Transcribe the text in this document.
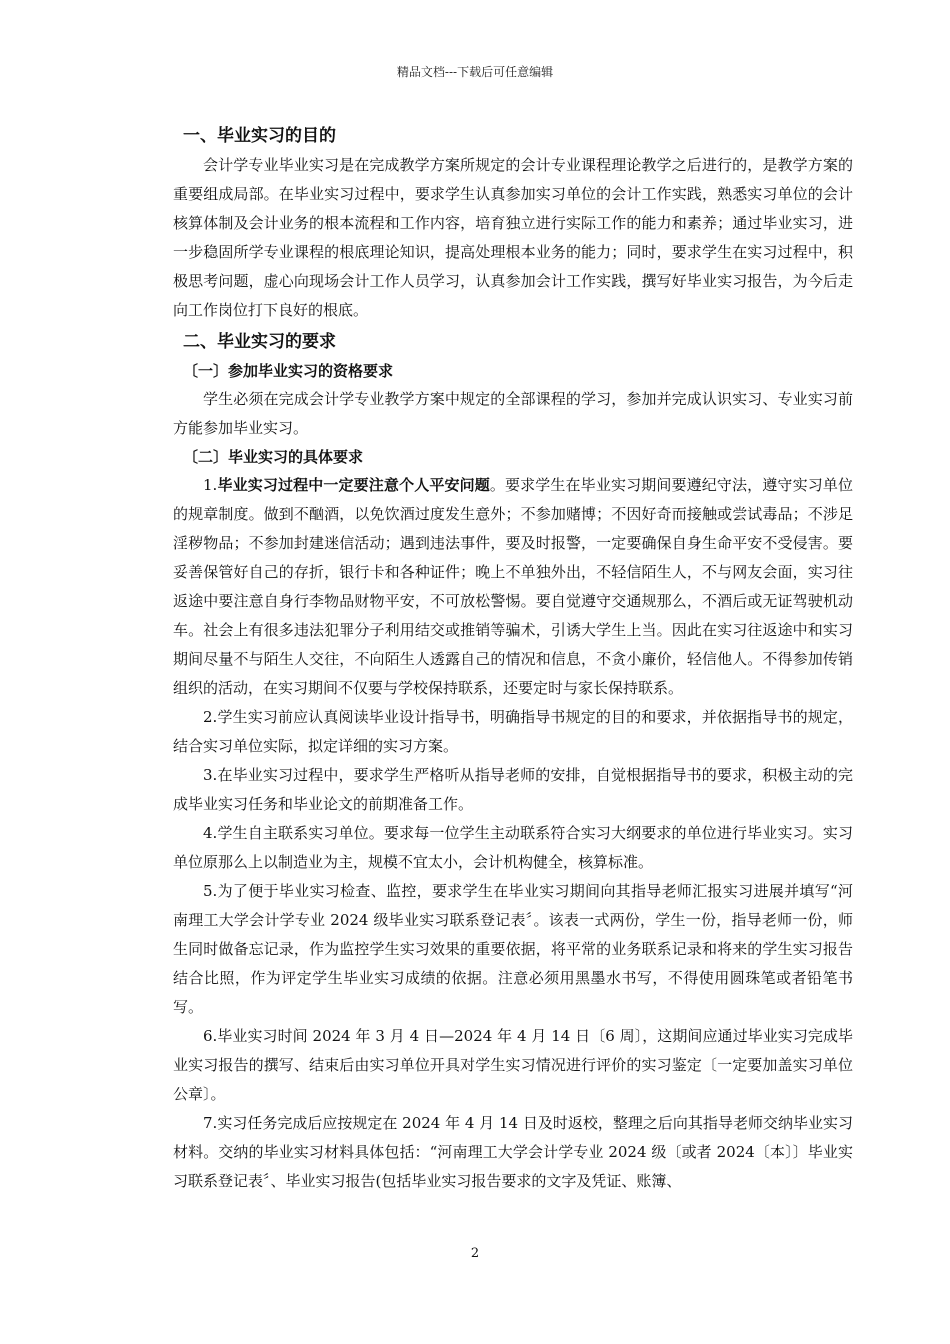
精品文档---下载后可任意编辑
一、毕业实习的目的

会计学专业毕业实习是在完成教学方案所规定的会计专业课程理论教学之后进行的，是教学方案的重要组成局部。在毕业实习过程中，要求学生认真参加实习单位的会计工作实践，熟悉实习单位的会计核算体制及会计业务的根本流程和工作内容，培育独立进行实际工作的能力和素养；通过毕业实习，进一步稳固所学专业课程的根底理论知识，提高处理根本业务的能力；同时，要求学生在实习过程中，积极思考问题，虚心向现场会计工作人员学习，认真参加会计工作实践，撰写好毕业实习报告，为今后走向工作岗位打下良好的根底。

二、毕业实习的要求
〔一〕参加毕业实习的资格要求

学生必须在完成会计学专业教学方案中规定的全部课程的学习，参加并完成认识实习、专业实习前方能参加毕业实习。

〔二〕毕业实习的具体要求

1.毕业实习过程中一定要注意个人平安问题。要求学生在毕业实习期间要遵纪守法，遵守实习单位的规章制度。做到不酗酒，以免饮酒过度发生意外；不参加赌博；不因好奇而接触或尝试毒品；不涉足淫秽物品；不参加封建迷信活动；遇到违法事件，要及时报警，一定要确保自身生命平安不受侵害。要妥善保管好自己的存折，银行卡和各种证件；晚上不单独外出，不轻信陌生人，不与网友会面，实习往返途中要注意自身行李物品财物平安，不可放松警惕。要自觉遵守交通规那么，不酒后或无证驾驶机动车。社会上有很多违法犯罪分子利用结交或推销等骗术，引诱大学生上当。因此在实习往返途中和实习期间尽量不与陌生人交往，不向陌生人透露自己的情况和信息，不贪小廉价，轻信他人。不得参加传销组织的活动，在实习期间不仅要与学校保持联系，还要定时与家长保持联系。

2.学生实习前应认真阅读毕业设计指导书，明确指导书规定的目的和要求，并依据指导书的规定，结合实习单位实际，拟定详细的实习方案。

3.在毕业实习过程中，要求学生严格听从指导老师的安排，自觉根据指导书的要求，积极主动的完成毕业实习任务和毕业论文的前期准备工作。

4.学生自主联系实习单位。要求每一位学生主动联系符合实习大纲要求的单位进行毕业实习。实习单位原那么上以制造业为主，规模不宜太小，会计机构健全，核算标准。

5.为了便于毕业实习检查、监控，要求学生在毕业实习期间向其指导老师汇报实习进展并填写“河南理工大学会计学专业 2024 级毕业实习联系登记表〞。该表一式两份，学生一份，指导老师一份，师生同时做备忘记录，作为监控学生实习效果的重要依据，将平常的业务联系记录和将来的学生实习报告结合比照，作为评定学生毕业实习成绩的依据。注意必须用黑墨水书写，不得使用圆珠笔或者铅笔书写。

6.毕业实习时间 2024 年 3 月 4 日—2024 年 4 月 14 日〔6 周〕，这期间应通过毕业实习完成毕业实习报告的撰写、结束后由实习单位开具对学生实习情况进行评价的实习鉴定〔一定要加盖实习单位公章〕。

7.实习任务完成后应按规定在 2024 年 4 月 14 日及时返校，整理之后向其指导老师交纳毕业实习材料。交纳的毕业实习材料具体包括：“河南理工大学会计学专业 2024 级〔或者 2024〔本〕〕毕业实习联系登记表〞、毕业实习报告(包括毕业实习报告要求的文字及凭证、账簿、

2
